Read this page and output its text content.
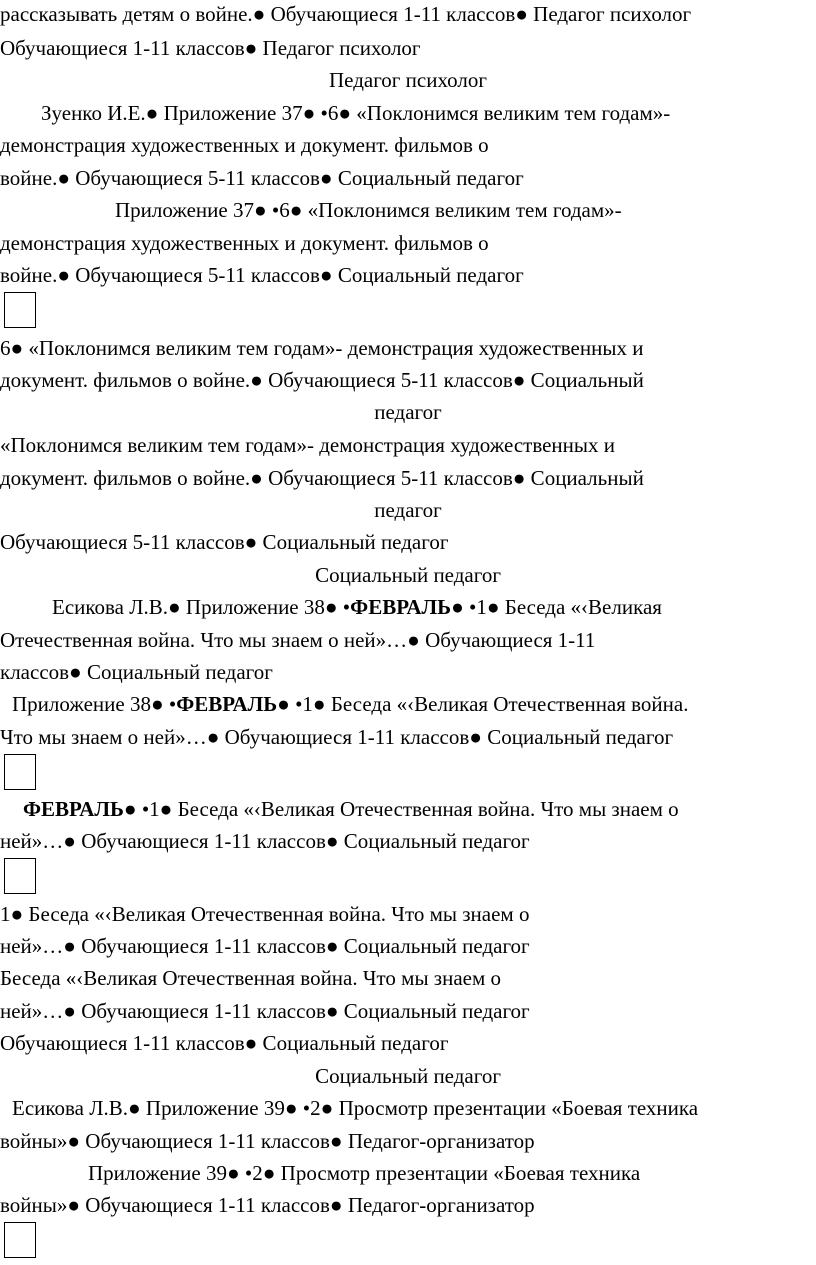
рассказывать детям о войне.● Обучающиеся 1-11 классов● Педагог психолог
Обучающиеся 1-11 классов● Педагог психолог
Педагог психолог
Зуенко И.Е.● Приложение 37● •6● «Поклонимся великим тем годам»-
демонстрация художественных и документ. фильмов о
войне.● Обучающиеся 5-11 классов● Социальный педагог
Приложение 37● •6● «Поклонимся великим тем годам»-
демонстрация художественных и документ. фильмов о
войне.● Обучающиеся 5-11 классов● Социальный педагог
6● «Поклонимся великим тем годам»- демонстрация художественных и
документ. фильмов о войне.● Обучающиеся 5-11 классов● Социальный
педагог
«Поклонимся великим тем годам»- демонстрация художественных и
документ. фильмов о войне.● Обучающиеся 5-11 классов● Социальный
педагог
Обучающиеся 5-11 классов● Социальный педагог
Социальный педагог
Есикова Л.В.● Приложение 38● •ФЕВРАЛЬ● •1● Беседа «‹Великая
Отечественная война. Что мы знаем о ней»…● Обучающиеся 1-11
классов● Социальный педагог
Приложение 38● •ФЕВРАЛЬ● •1● Беседа «‹Великая Отечественная война.
Что мы знаем о ней»…● Обучающиеся 1-11 классов● Социальный педагог
ФЕВРАЛЬ● •1● Беседа «‹Великая Отечественная война. Что мы знаем о
ней»…● Обучающиеся 1-11 классов● Социальный педагог
1● Беседа «‹Великая Отечественная война. Что мы знаем о
ней»…● Обучающиеся 1-11 классов● Социальный педагог
Беседа «‹Великая Отечественная война. Что мы знаем о
ней»…● Обучающиеся 1-11 классов● Социальный педагог
Обучающиеся 1-11 классов● Социальный педагог
Социальный педагог
Есикова Л.В.● Приложение 39● •2● Просмотр презентации «Боевая техника
войны»● Обучающиеся 1-11 классов● Педагог-организатор
Приложение 39● •2● Просмотр презентации «Боевая техника
войны»● Обучающиеся 1-11 классов● Педагог-организатор
